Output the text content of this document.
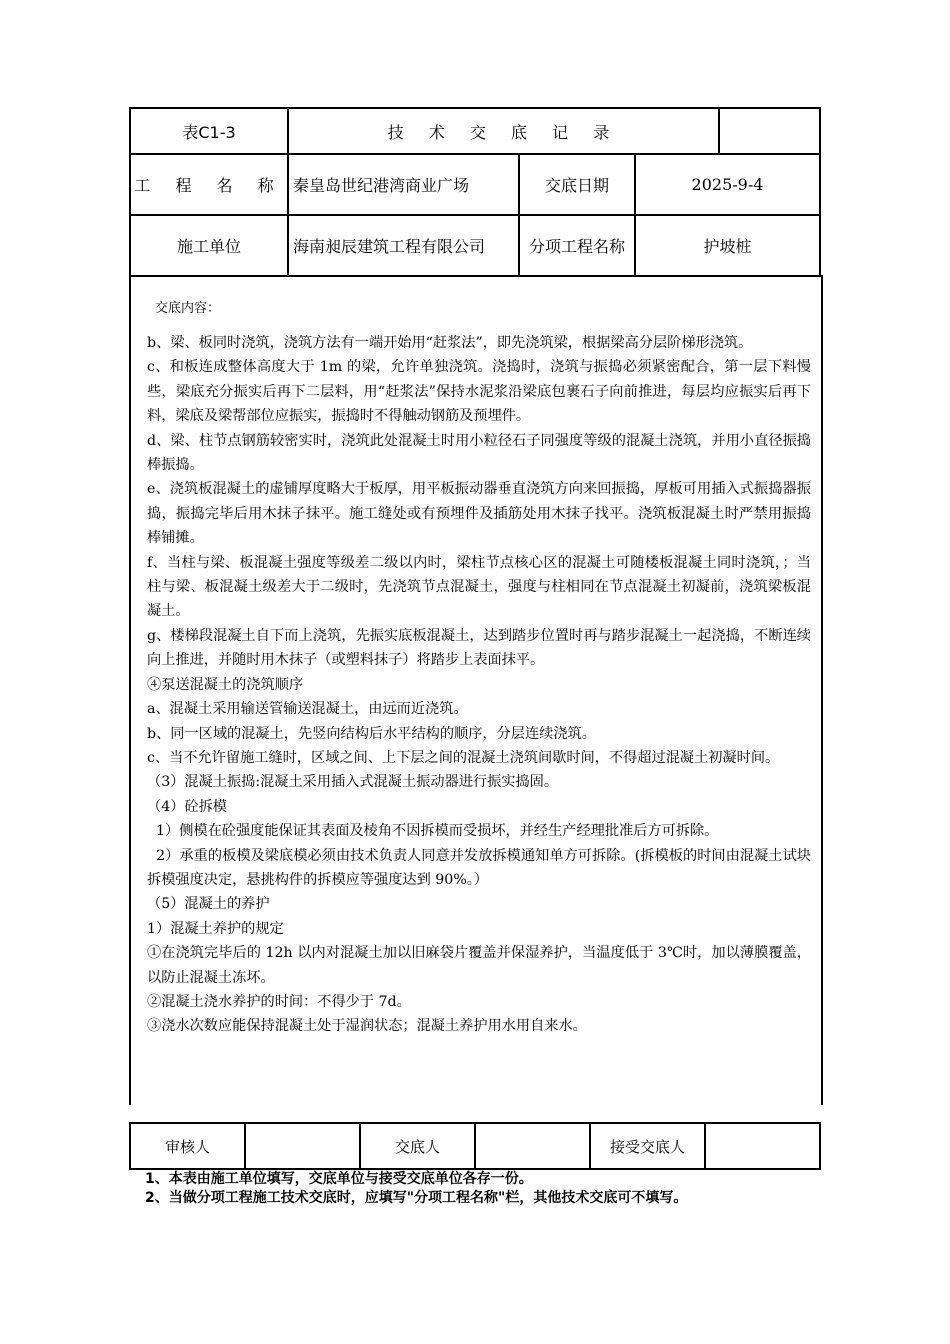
表C1-3	技 术 交 底 记 录			
工 程 名 称	秦皇岛世纪港湾商业广场	交底日期	2025-9-4	
施工单位	海南昶辰建筑工程有限公司	分项工程名称	护坡桩	
交底内容：

b、梁、板同时浇筑，浇筑方法有一端开始用“赶浆法”，即先浇筑梁，根据梁高分层阶梯形浇筑。

c、和板连成整体高度大于 1m 的梁，允许单独浇筑。浇捣时，浇筑与振捣必须紧密配合，第一层下料慢些，梁底充分振实后再下二层料，用“赶浆法”保持水泥浆沿梁底包裹石子向前推进，每层均应振实后再下料，梁底及梁帮部位应振实，振捣时不得触动钢筋及预埋件。

d、梁、柱节点钢筋较密实时，浇筑此处混凝土时用小粒径石子同强度等级的混凝土浇筑，并用小直径振捣棒振捣。

e、浇筑板混凝土的虚铺厚度略大于板厚，用平板振动器垂直浇筑方向来回振捣，厚板可用插入式振捣器振捣，振捣完毕后用木抹子抹平。施工缝处或有预埋件及插筋处用木抹子找平。浇筑板混凝土时严禁用振捣棒铺摊。

f、当柱与梁、板混凝土强度等级差二级以内时，梁柱节点核心区的混凝土可随楼板混凝土同时浇筑，；当柱与梁、板混凝土级差大于二级时，先浇筑节点混凝土，强度与柱相同在节点混凝土初凝前，浇筑梁板混凝土。

g、楼梯段混凝土自下而上浇筑，先振实底板混凝土，达到踏步位置时再与踏步混凝土一起浇捣，不断连续向上推进，并随时用木抹子（或塑料抹子）将踏步上表面抹平。

④泵送混凝土的浇筑顺序

a、混凝土采用输送管输送混凝土，由远而近浇筑。

b、同一区域的混凝土，先竖向结构后水平结构的顺序，分层连续浇筑。

c、当不允许留施工缝时，区域之间、上下层之间的混凝土浇筑间歇时间，不得超过混凝土初凝时间。

（3）混凝土振捣:混凝土采用插入式混凝土振动器进行振实捣固。

（4）砼拆模

1）侧模在砼强度能保证其表面及棱角不因拆模而受损坏，并经生产经理批准后方可拆除。

2）承重的板模及梁底模必须由技术负责人同意并发放拆模通知单方可拆除。(拆模板的时间由混凝土试块拆模强度决定，悬挑构件的拆模应等强度达到 90%。）

（5）混凝土的养护

1）混凝土养护的规定

①在浇筑完毕后的 12h 以内对混凝土加以旧麻袋片覆盖并保湿养护，当温度低于 3℃时，加以薄膜覆盖，以防止混凝土冻坏。

②混凝土浇水养护的时间：不得少于 7d。

③浇水次数应能保持混凝土处于湿润状态；混凝土养护用水用自来水。

审核人		交底人		接受交底人	
1、本表由施工单位填写，交底单位与接受交底单位各存一份。
2、当做分项工程施工技术交底时，应填写"分项工程名称"栏，其他技术交底可不填写。
